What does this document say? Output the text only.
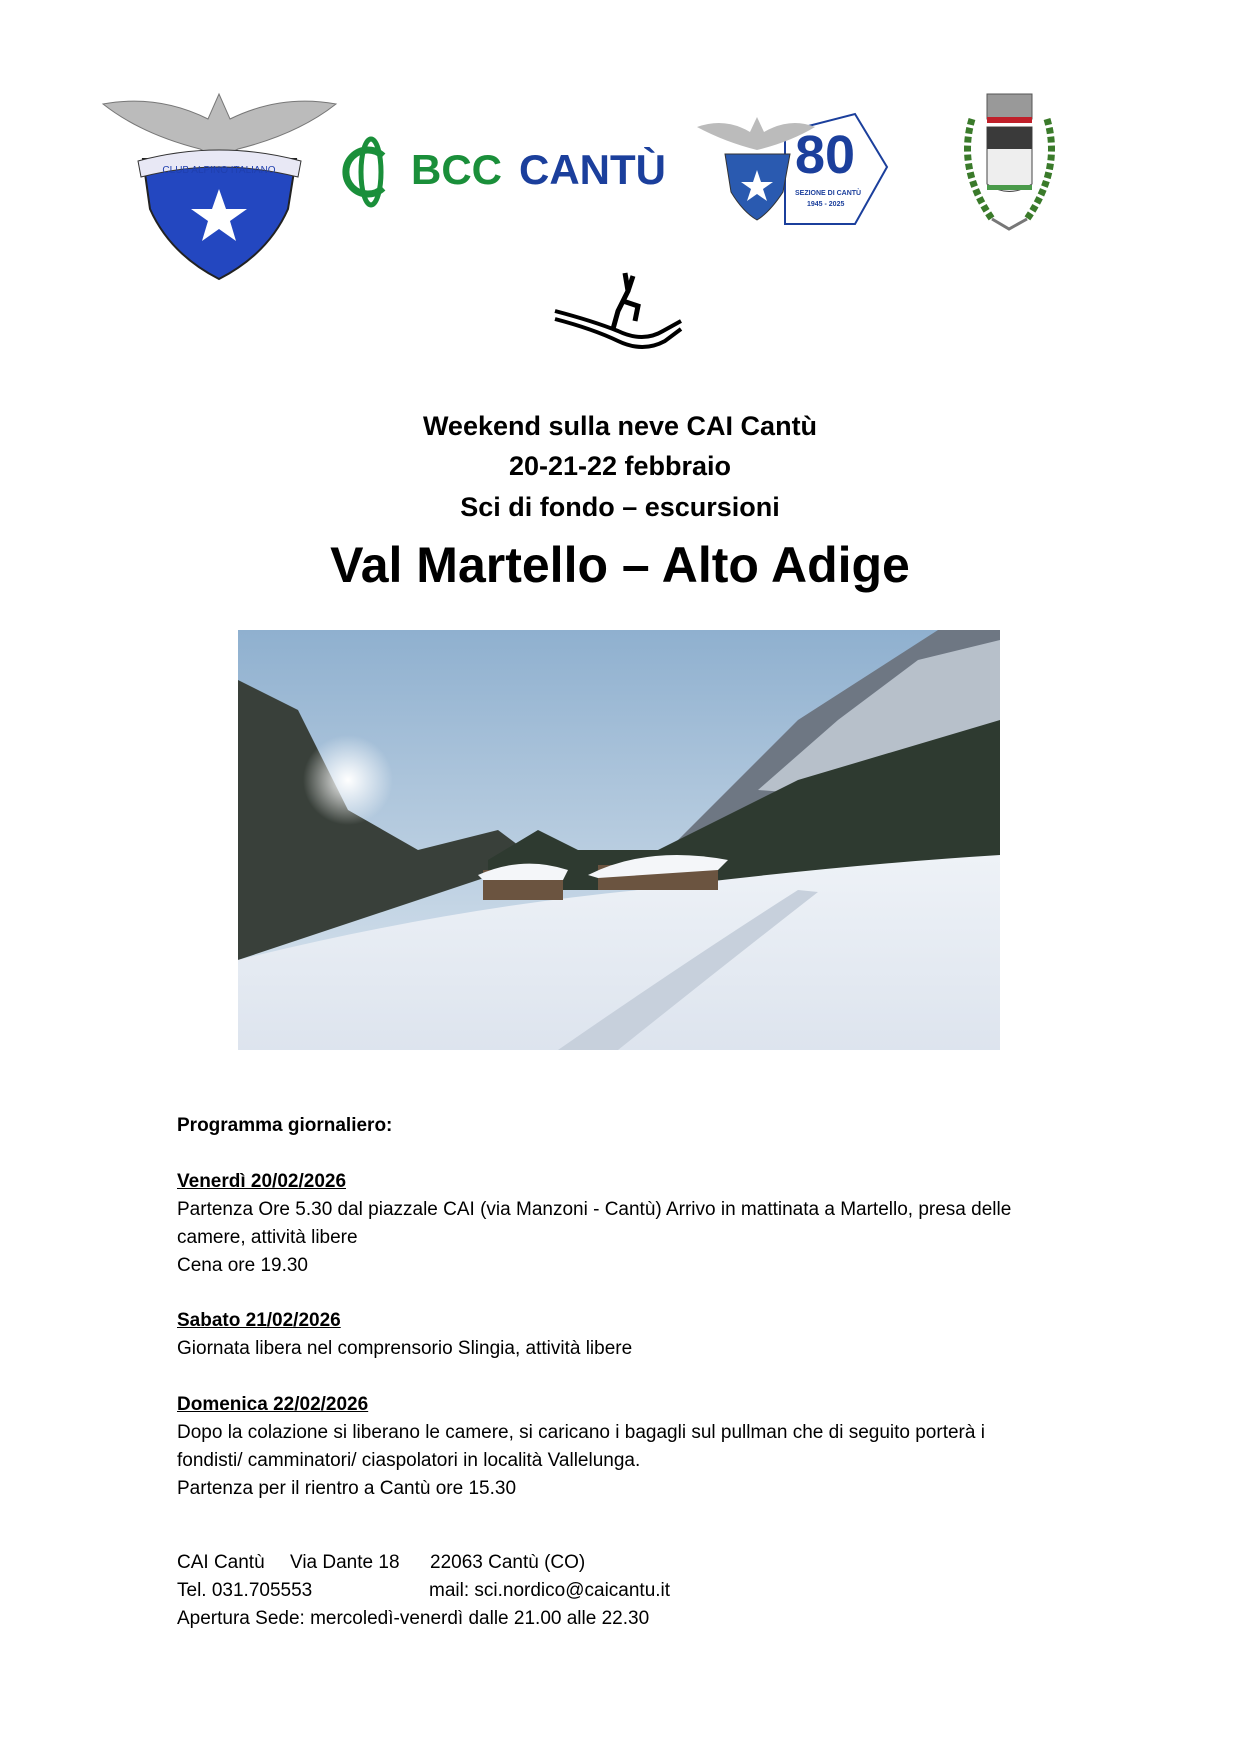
CLUB ALPINO ITALIANO	BCC CANTÙ 80
SEZIONE DI CANTÙ
1945 - 2025
Weekend sulla neve CAI Cantù
20-21-22 febbraio
Sci di fondo – escursioni
Val Martello – Alto Adige
Programma giornaliero:
Venerdì 20/02/2026
Partenza Ore 5.30 dal piazzale CAI (via Manzoni - Cantù) Arrivo in mattinata a Martello, presa delle
camere, attività libere
Cena ore 19.30
Sabato 21/02/2026
Giornata libera nel comprensorio Slingia, attività libere
Domenica 22/02/2026
Dopo la colazione si liberano le camere, si caricano i bagagli sul pullman che di seguito porterà i
fondisti/ camminatori/ ciaspolatori in località Vallelunga.
Partenza per il rientro a Cantù ore 15.30
CAI Cantù Via Dante 18 22063 Cantù (CO)
Tel. 031.705553	mail: sci.nordico@caicantu.it
Apertura Sede: mercoledì-venerdì dalle 21.00 alle 22.30
